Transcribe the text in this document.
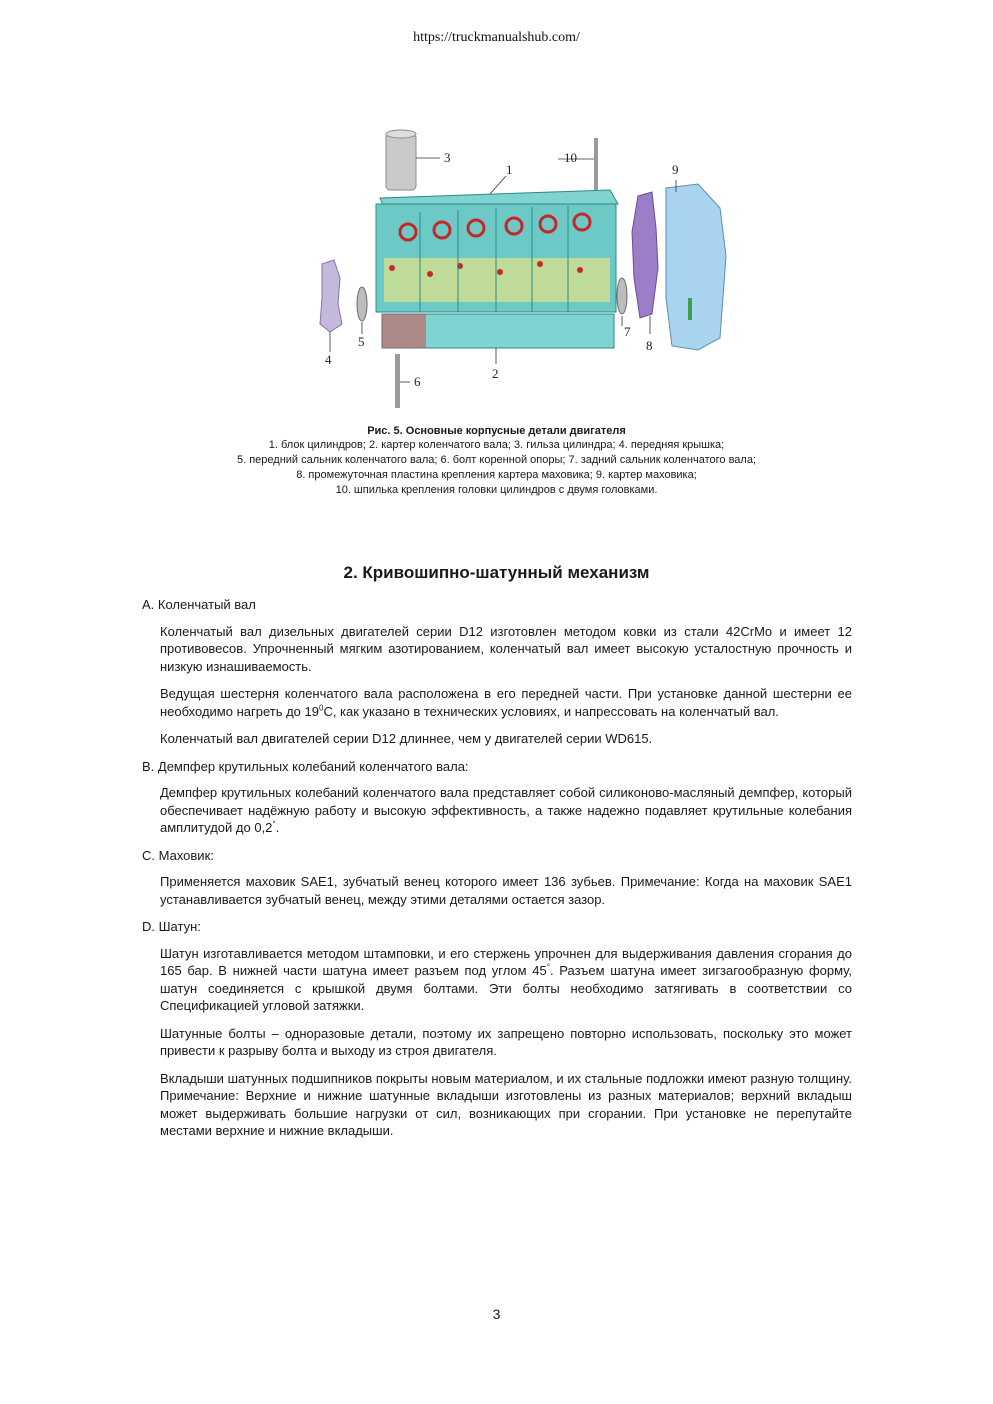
https://truckmanualshub.com/
3
1
10
9
4
5
6
7
8
2
Рис. 5. Основные корпусные детали двигателя
1. блок цилиндров; 2. картер коленчатого вала; 3. гильза цилиндра; 4. передняя крышка;
5. передний сальник коленчатого вала; 6. болт коренной опоры; 7. задний сальник коленчатого вала;
8. промежуточная пластина крепления картера маховика; 9. картер маховика;
10. шпилька крепления головки цилиндров с двумя головками.
2. Кривошипно-шатунный механизм

A. Коленчатый вал

Коленчатый вал дизельных двигателей серии D12 изготовлен методом ковки из стали 42CrMo и имеет 12 противовесов. Упрочненный мягким азотированием, коленчатый вал имеет высокую усталостную прочность и низкую изнашиваемость.

Ведущая шестерня коленчатого вала расположена в его передней части. При установке данной шестерни ее необходимо нагреть до $19^0С$, как указано в технических условиях, и напрессовать на коленчатый вал.

Коленчатый вал двигателей серии D12 длиннее, чем у двигателей серии WD615.

B. Демпфер крутильных колебаний коленчатого вала:

Демпфер крутильных колебаний коленчатого вала представляет собой силиконово-масляный демпфер, который обеспечивает надёжную работу и высокую эффективность, а также надежно подавляет крутильные колебания амплитудой до 0,2°.

C. Маховик:

Применяется маховик SAE1, зубчатый венец которого имеет 136 зубьев. Примечание: Когда на маховик SAE1 устанавливается зубчатый венец, между этими деталями остается зазор.

D. Шатун:

Шатун изготавливается методом штамповки, и его стержень упрочнен для выдерживания давления сгорания до 165 бар. В нижней части шатуна имеет разъем под углом 45°. Разъем шатуна имеет зигзагообразную форму, шатун соединяется с крышкой двумя болтами. Эти болты необходимо затягивать в соответствии со Спецификацией угловой затяжки.

Шатунные болты – одноразовые детали, поэтому их запрещено повторно использовать, поскольку это может привести к разрыву болта и выходу из строя двигателя.

Вкладыши шатунных подшипников покрыты новым материалом, и их стальные подложки имеют разную толщину. Примечание: Верхние и нижние шатунные вкладыши изготовлены из разных материалов; верхний вкладыш может выдерживать большие нагрузки от сил, возникающих при сгорании. При установке не перепутайте местами верхние и нижние вкладыши.

3
